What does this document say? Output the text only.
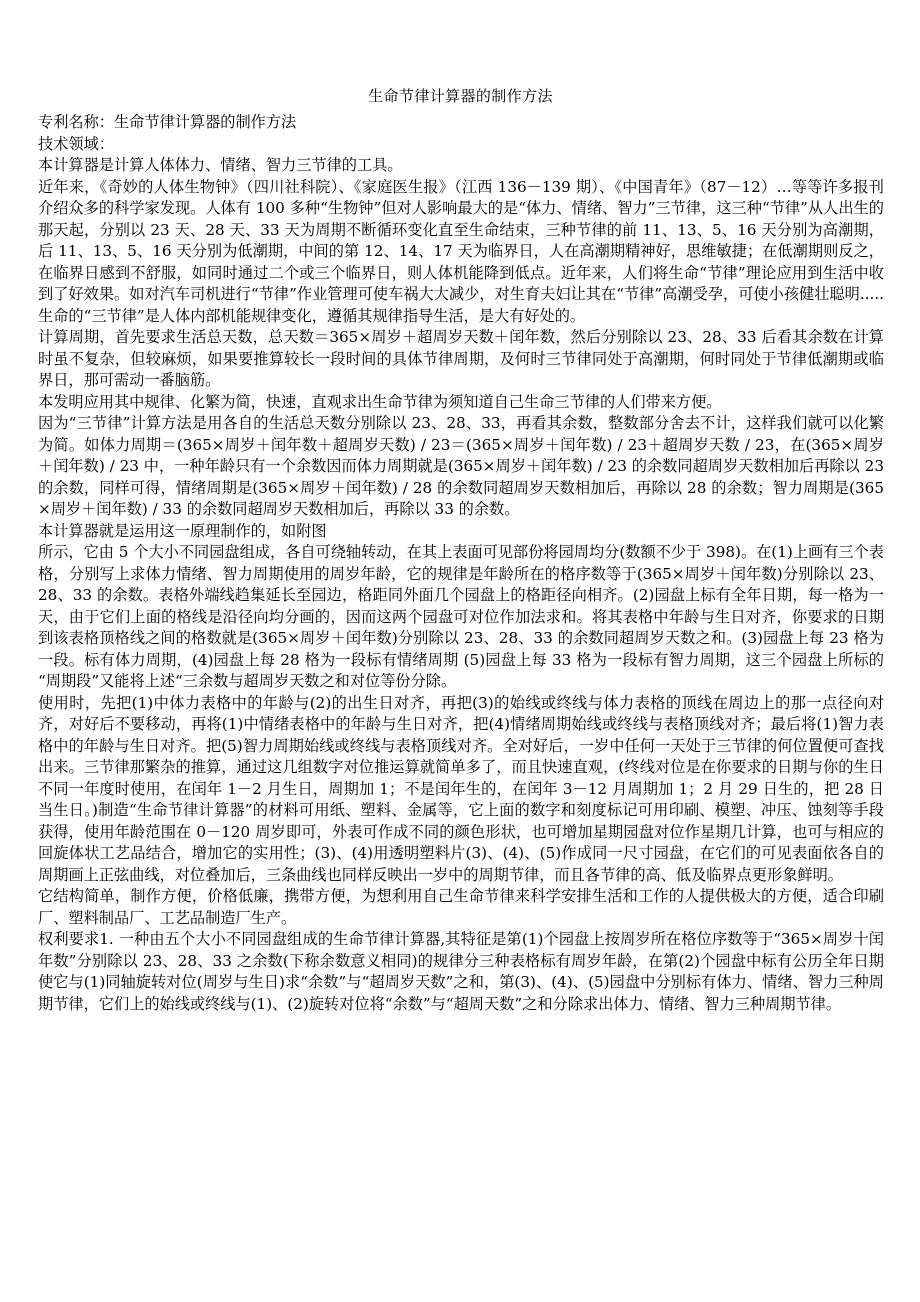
生命节律计算器的制作方法

专利名称：生命节律计算器的制作方法

技术领域：

本计算器是计算人体体力、情绪、智力三节律的工具。

近年来，《奇妙的人体生物钟》（四川社科院）、《家庭医生报》（江西 136－139 期）、《中国青年》（87－12）…等等许多报刊介绍众多的科学家发现。人体有 100 多种“生物钟”但对人影响最大的是“体力、情绪、智力”三节律，这三种“节律”从人出生的那天起，分别以 23 天、28 天、33 天为周期不断循环变化直至生命结束，三种节律的前 11、13、5、16 天分别为高潮期，后 11、13、5、16 天分别为低潮期，中间的第 12、14、17 天为临界日，人在高潮期精神好，思维敏捷；在低潮期则反之，在临界日感到不舒服，如同时通过二个或三个临界日，则人体机能降到低点。近年来，人们将生命“节律”理论应用到生活中收到了好效果。如对汽车司机进行“节律”作业管理可使车祸大大减少，对生育夫妇让其在“节律”高潮受孕，可使小孩健壮聪明.....生命的“三节律”是人体内部机能规律变化，遵循其规律指导生活，是大有好处的。

计算周期，首先要求生活总天数，总天数＝365×周岁＋超周岁天数＋闰年数，然后分别除以 23、28、33 后看其余数在计算时虽不复杂，但较麻烦，如果要推算较长一段时间的具体节律周期，及何时三节律同处于高潮期，何时同处于节律低潮期或临界日，那可需动一番脑筋。

本发明应用其中规律、化繁为简，快速，直观求出生命节律为须知道自己生命三节律的人们带来方便。

因为“三节律”计算方法是用各自的生活总天数分别除以 23、28、33，再看其余数，整数部分舍去不计，这样我们就可以化繁为简。如体力周期＝(365×周岁＋闰年数＋超周岁天数) / 23＝(365×周岁＋闰年数) / 23＋超周岁天数 / 23，在(365×周岁＋闰年数) / 23 中，一种年龄只有一个余数因而体力周期就是(365×周岁＋闰年数) / 23 的余数同超周岁天数相加后再除以 23 的余数，同样可得，情绪周期是(365×周岁＋闰年数) / 28 的余数同超周岁天数相加后，再除以 28 的余数；智力周期是(365×周岁＋闰年数) / 33 的余数同超周岁天数相加后，再除以 33 的余数。

本计算器就是运用这一原理制作的，如附图

所示，它由 5 个大小不同园盘组成，各自可绕轴转动，在其上表面可见部份将园周均分(数额不少于 398)。在(1)上画有三个表格，分别写上求体力情绪、智力周期使用的周岁年龄，它的规律是年龄所在的格序数等于(365×周岁＋闰年数)分别除以 23、28、33 的余数。表格外端线趋集延长至园边，格距同外面几个园盘上的格距径向相齐。(2)园盘上标有全年日期，每一格为一天，由于它们上面的格线是沿径向均分画的，因而这两个园盘可对位作加法求和。将其表格中年龄与生日对齐，你要求的日期到该表格顶格线之间的格数就是(365×周岁＋闰年数)分别除以 23、28、33 的余数同超周岁天数之和。(3)园盘上每 23 格为一段。标有体力周期，(4)园盘上每 28 格为一段标有情绪周期 (5)园盘上每 33 格为一段标有智力周期，这三个园盘上所标的“周期段”又能将上述“三余数与超周岁天数之和对位等份分除。

使用时，先把(1)中体力表格中的年龄与(2)的出生日对齐，再把(3)的始线或终线与体力表格的顶线在周边上的那一点径向对齐，对好后不要移动，再将(1)中情绪表格中的年龄与生日对齐，把(4)情绪周期始线或终线与表格顶线对齐；最后将(1)智力表格中的年龄与生日对齐。把(5)智力周期始线或终线与表格顶线对齐。全对好后，一岁中任何一天处于三节律的何位置便可查找出来。三节律那繁杂的推算，通过这几组数字对位推运算就简单多了，而且快速直观，(终线对位是在你要求的日期与你的生日不同一年度时使用，在闰年 1－2 月生日，周期加 1；不是闰年生的，在闰年 3－12 月周期加 1；2 月 29 日生的，把 28 日当生日。)制造“生命节律计算器”的材料可用纸、塑料、金属等，它上面的数字和刻度标记可用印刷、模塑、冲压、蚀刻等手段获得，使用年龄范围在 0－120 周岁即可，外表可作成不同的颜色形状，也可增加星期园盘对位作星期几计算，也可与相应的回旋体状工艺品结合，增加它的实用性；(3)、(4)用透明塑料片(3)、(4)、(5)作成同一尺寸园盘，在它们的可见表面依各自的周期画上正弦曲线，对位叠加后，三条曲线也同样反映出一岁中的周期节律，而且各节律的高、低及临界点更形象鲜明。

它结构简单，制作方便，价格低廉，携带方便，为想利用自己生命节律来科学安排生活和工作的人提供极大的方便，适合印刷厂、塑料制品厂、工艺品制造厂生产。

权利要求1. 一种由五个大小不同园盘组成的生命节律计算器,其特征是第(1)个园盘上按周岁所在格位序数等于“365×周岁十闰年数”分别除以 23、28、33 之余数(下称余数意义相同)的规律分三种表格标有周岁年龄，在第(2)个园盘中标有公历全年日期使它与(1)同轴旋转对位(周岁与生日)求“余数”与“超周岁天数”之和，第(3)、(4)、(5)园盘中分别标有体力、情绪、智力三种周期节律，它们上的始线或终线与(1)、(2)旋转对位将“余数”与“超周天数”之和分除求出体力、情绪、智力三种周期节律。
